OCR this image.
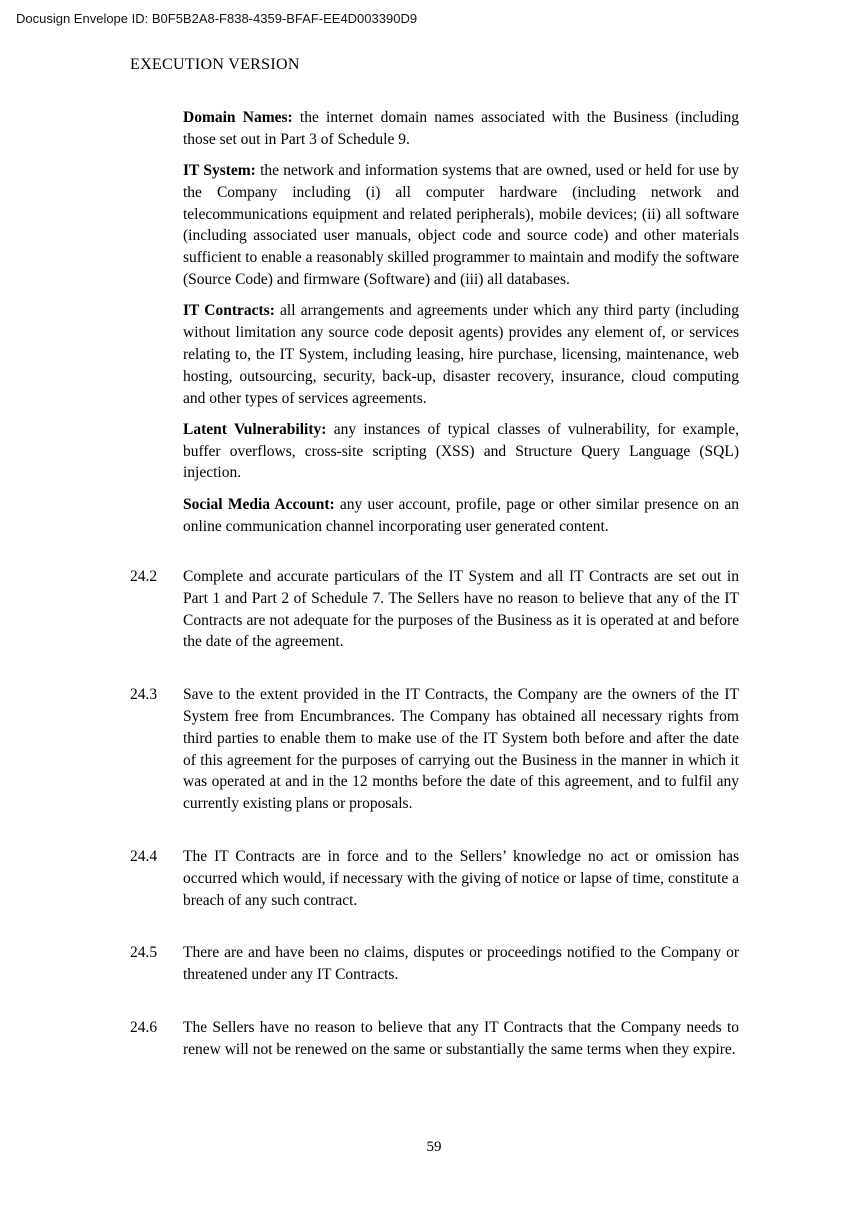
Docusign Envelope ID: B0F5B2A8-F838-4359-BFAF-EE4D003390D9
EXECUTION VERSION

Domain Names: the internet domain names associated with the Business (including those set out in Part 3 of Schedule 9.

IT System: the network and information systems that are owned, used or held for use by the Company including (i) all computer hardware (including network and telecommunications equipment and related peripherals), mobile devices; (ii) all software (including associated user manuals, object code and source code) and other materials sufficient to enable a reasonably skilled programmer to maintain and modify the software (Source Code) and firmware (Software) and (iii) all databases.

IT Contracts: all arrangements and agreements under which any third party (including without limitation any source code deposit agents) provides any element of, or services relating to, the IT System, including leasing, hire purchase, licensing, maintenance, web hosting, outsourcing, security, back-up, disaster recovery, insurance, cloud computing and other types of services agreements.

Latent Vulnerability: any instances of typical classes of vulnerability, for example, buffer overflows, cross-site scripting (XSS) and Structure Query Language (SQL) injection.

Social Media Account: any user account, profile, page or other similar presence on an online communication channel incorporating user generated content.

24.2	Complete and accurate particulars of the IT System and all IT Contracts are set out in Part 1 and Part 2 of Schedule 7. The Sellers have no reason to believe that any of the IT Contracts are not adequate for the purposes of the Business as it is operated at and before the date of the agreement.

24.3	Save to the extent provided in the IT Contracts, the Company are the owners of the IT System free from Encumbrances. The Company has obtained all necessary rights from third parties to enable them to make use of the IT System both before and after the date of this agreement for the purposes of carrying out the Business in the manner in which it was operated at and in the 12 months before the date of this agreement, and to fulfil any currently existing plans or proposals.

24.4	The IT Contracts are in force and to the Sellers’ knowledge no act or omission has occurred which would, if necessary with the giving of notice or lapse of time, constitute a breach of any such contract.

24.5	There are and have been no claims, disputes or proceedings notified to the Company or threatened under any IT Contracts.

24.6	The Sellers have no reason to believe that any IT Contracts that the Company needs to renew will not be renewed on the same or substantially the same terms when they expire.

59
